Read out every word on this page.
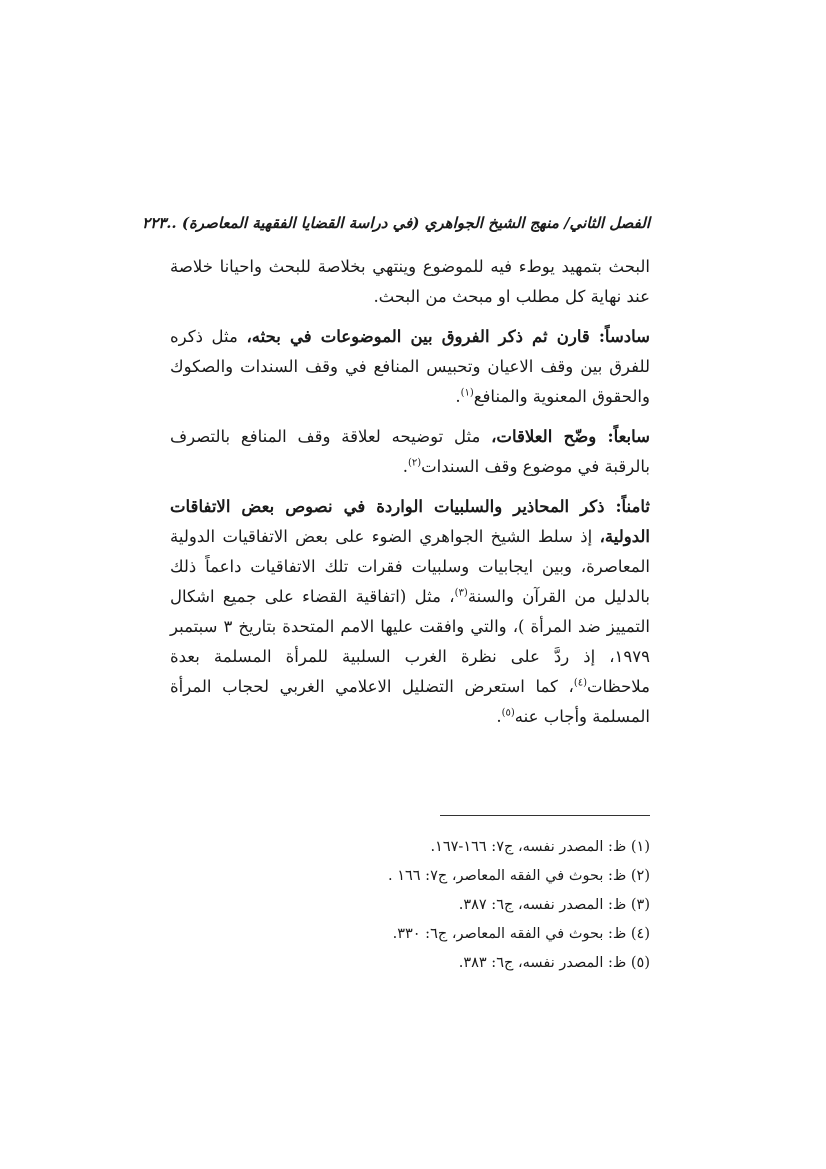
الفصل الثاني/ منهج الشيخ الجواهري (في دراسة القضايا الفقهية المعاصرة) ..٢٢٣

البحث بتمهيد يوطء فيه للموضوع وينتهي بخلاصة للبحث واحيانا خلاصة عند نهاية كل مطلب او مبحث من البحث.

سادساً: قارن ثم ذكر الفروق بين الموضوعات في بحثه، مثل ذكره للفرق بين وقف الاعيان وتحبيس المنافع في وقف السندات والصكوك والحقوق المعنوية والمنافع$^{(١)}$.

سابعاً: وضّح العلاقات، مثل توضيحه لعلاقة وقف المنافع بالتصرف بالرقبة في موضوع وقف السندات$^{(٢)}$.

ثامناً: ذكر المحاذير والسلبيات الواردة في نصوص بعض الاتفاقات الدولية، إذ سلط الشيخ الجواهري الضوء على بعض الاتفاقيات الدولية المعاصرة، وبين ايجابيات وسلبيات فقرات تلك الاتفاقيات داعماً ذلك بالدليل من القرآن والسنة$^{(٣)}$، مثل (اتفاقية القضاء على جميع اشكال التمييز ضد المرأة )، والتي وافقت عليها الامم المتحدة بتاريخ ٣ سبتمبر ١٩٧٩، إذ ردَّ على نظرة الغرب السلبية للمرأة المسلمة بعدة ملاحظات$^{(٤)}$، كما استعرض التضليل الاعلامي الغربي لحجاب المرأة المسلمة وأجاب عنه$^{(٥)}$.

(١) ظ: المصدر نفسه، ج٧: ١٦٦-١٦٧.

(٢) ظ: بحوث في الفقه المعاصر، ج٧: ١٦٦ .

(٣) ظ: المصدر نفسه، ج٦: ٣٨٧.

(٤) ظ: بحوث في الفقه المعاصر، ج٦: ٣٣٠.

(٥) ظ: المصدر نفسه، ج٦: ٣٨٣.
